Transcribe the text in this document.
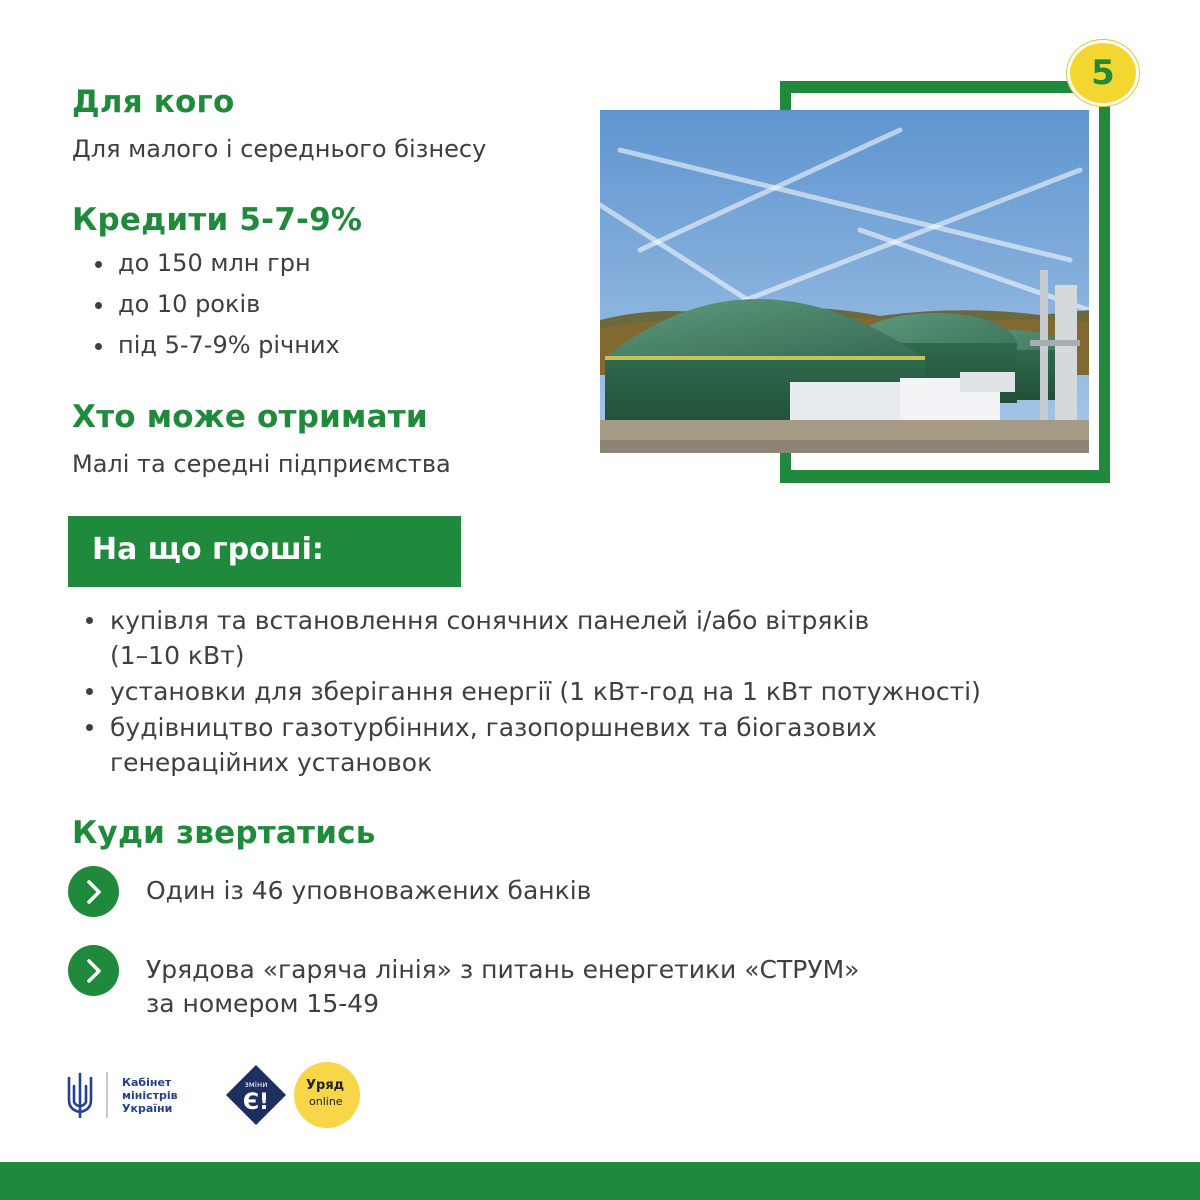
Для кого
Для малого і середнього бізнесу
Кредити 5-7-9%
до 150 млн грн
до 10 років
під 5-7-9% річних
Хто може отримати
Малі та середні підприємства
5
На що гроші:
купівля та встановлення сонячних панелей і/або вітряків
(1–10 кВт)
установки для зберігання енергії (1 кВт-год на 1 кВт потужності)
будівництво газотурбінних, газопоршневих та біогазових
генераційних установок
Куди звертатись
Один із 46 уповноважених банків
Урядова «гаряча лінія» з питань енергетики «СТРУМ»
за номером 15-49
Кабінет
міністрів
України
зміни
Є!
Уряд
online
